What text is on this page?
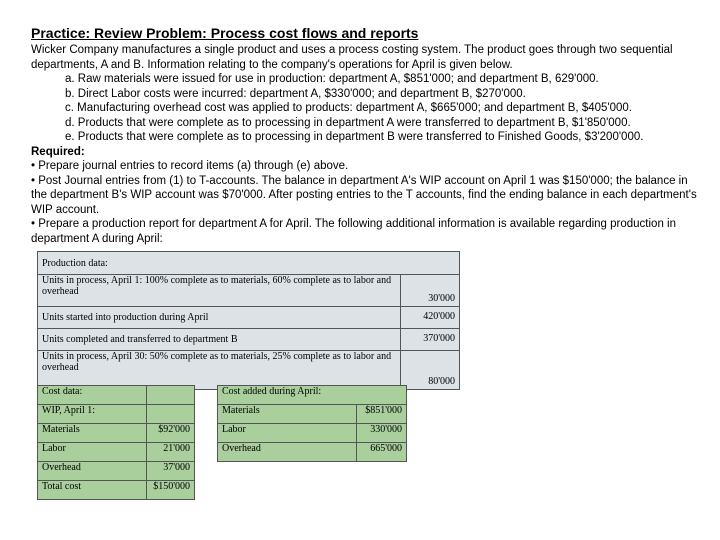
Practice: Review Problem: Process cost flows and reports

Wicker Company manufactures a single product and uses a process costing system. The product goes through two sequential departments, A and B. Information relating to the company's operations for April is given below.

a. Raw materials were issued for use in production: department A, $851'000; and department B, 629'000.

b. Direct Labor costs were incurred: department A, $330'000; and department B, $270'000.

c. Manufacturing overhead cost was applied to products: department A, $665'000; and department B, $405'000.

d. Products that were complete as to processing in department A were transferred to department B, $1'850'000.

e. Products that were complete as to processing in department B were transferred to Finished Goods, $3'200'000.

Required:

• Prepare journal entries to record items (a) through (e) above.

• Post Journal entries from (1) to T-accounts. The balance in department A's WIP account on April 1 was $150'000; the balance in the department B's WIP account was $70'000. After posting entries to the T accounts, find the ending balance in each department's WIP account.

• Prepare a production report for department A for April. The following additional information is available regarding production in department A during April:

Production data:	
Units in process, April 1: 100% complete as to materials, 60% complete as to labor and overhead	30'000
Units started into production during April	420'000
Units completed and transferred to department B	370'000
Units in process, April 30: 50% complete as to materials, 25% complete as to labor and overhead	80'000
Cost data:	
WIP, April 1:	
Materials	$92'000
Labor	21'000
Overhead	37'000
Total cost	$150'000
Cost added during April:	
Materials	$851'000
Labor	330'000
Overhead	665'000
